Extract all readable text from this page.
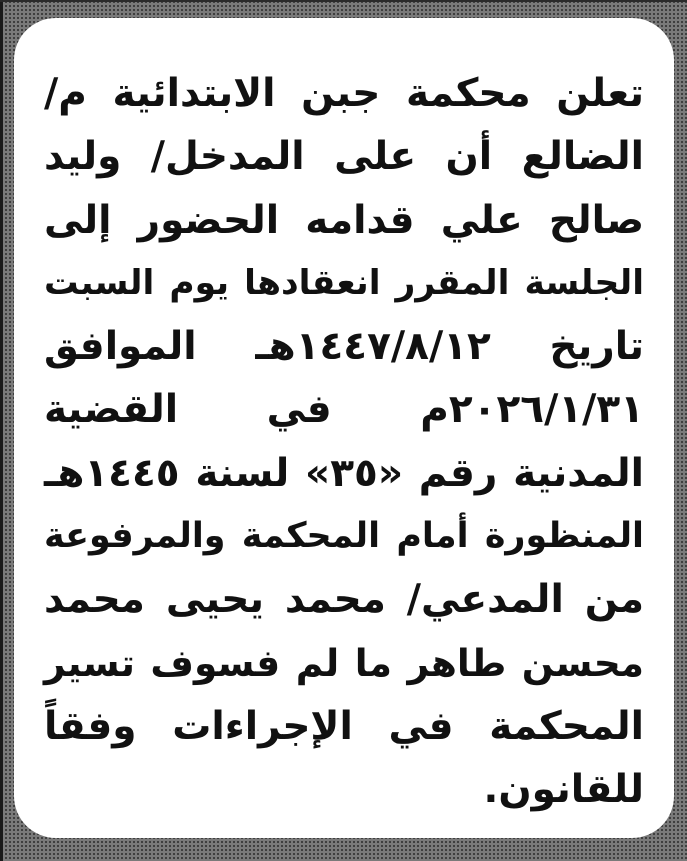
تعلن محكمة جبن الابتدائية م/
الضالع أن على المدخل/ وليد
صالح علي قدامه الحضور إلى
الجلسة المقرر انعقادها يوم السبت
تاريخ ١٤٤٧/٨/١٢هـ الموافق
٢٠٢٦/١/٣١م في القضية
المدنية رقم «٣٥» لسنة ١٤٤٥هـ
المنظورة أمام المحكمة والمرفوعة
من المدعي/ محمد يحيى محمد
محسن طاهر ما لم فسوف تسير
المحكمة في الإجراءات وفقاً
للقانون.
